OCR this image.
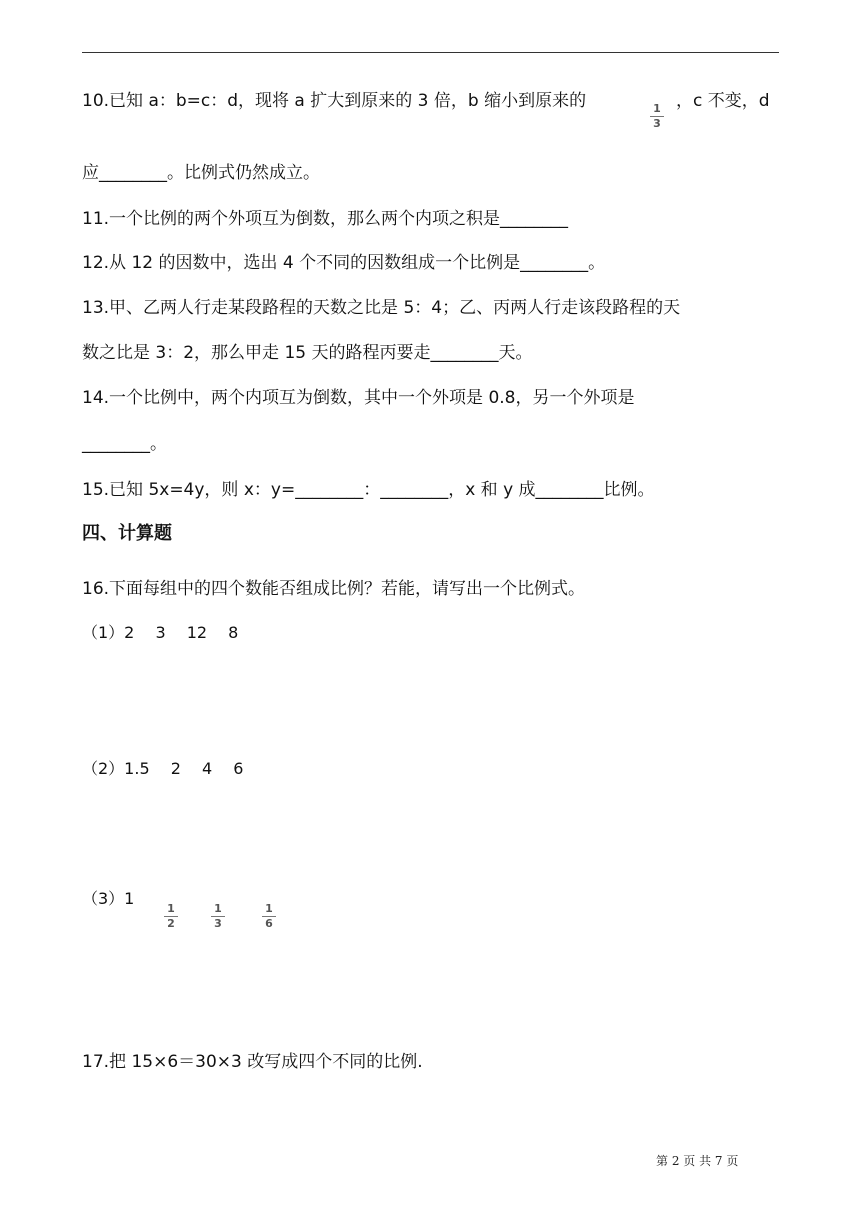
10.已知 a：b=c：d，现将 a 扩大到原来的 3 倍，b 缩小到原来的	1
3
，c 不变，d
应________。比例式仍然成立。
11.一个比例的两个外项互为倒数，那么两个内项之积是________
12.从 12 的因数中，选出 4 个不同的因数组成一个比例是________。
13.甲、乙两人行走某段路程的天数之比是 5：4；乙、丙两人行走该段路程的天
数之比是 3：2，那么甲走 15 天的路程丙要走________天。
14.一个比例中，两个内项互为倒数，其中一个外项是 0.8，另一个外项是
________。
15.已知 5x=4y，则 x：y=________：________，x 和 y 成________比例。
四、计算题
16.下面每组中的四个数能否组成比例？若能，请写出一个比例式。
（1）2　 3　 12　 8
（2）1.5　 2　 4　 6
（3）1
1
2
1
3
1
6
17.把 15×6＝30×3 改写成四个不同的比例.
第 2 页 共 7 页
